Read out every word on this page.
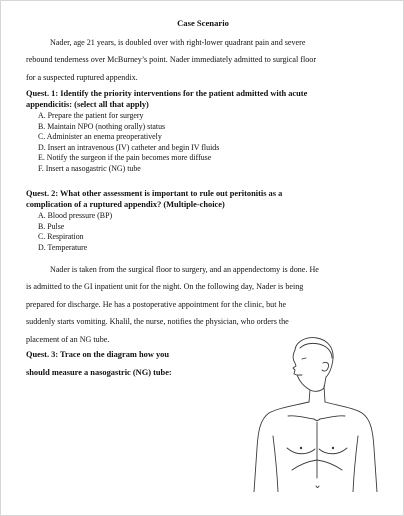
Case Scenario
Nader, age 21 years, is doubled over with right-lower quadrant pain and severe
rebound tenderness over McBurney’s point. Nader immediately admitted to surgical floor
for a suspected ruptured appendix.
Quest. 1: Identify the priority interventions for the patient admitted with acute
appendicitis: (select all that apply)
A. Prepare the patient for surgery
B. Maintain NPO (nothing orally) status
C. Administer an enema preoperatively
D. Insert an intravenous (IV) catheter and begin IV fluids
E. Notify the surgeon if the pain becomes more diffuse
F. Insert a nasogastric (NG) tube
Quest. 2: What other assessment is important to rule out peritonitis as a
complication of a ruptured appendix? (Multiple-choice)
A. Blood pressure (BP)
B. Pulse
C. Respiration
D. Temperature
Nader is taken from the surgical floor to surgery, and an appendectomy is done. He
is admitted to the GI inpatient unit for the night. On the following day, Nader is being
prepared for discharge. He has a postoperative appointment for the clinic, but he
suddenly starts vomiting. Khalil, the nurse, notifies the physician, who orders the
placement of an NG tube.
Quest. 3: Trace on the diagram how you
should measure a nasogastric (NG) tube:
